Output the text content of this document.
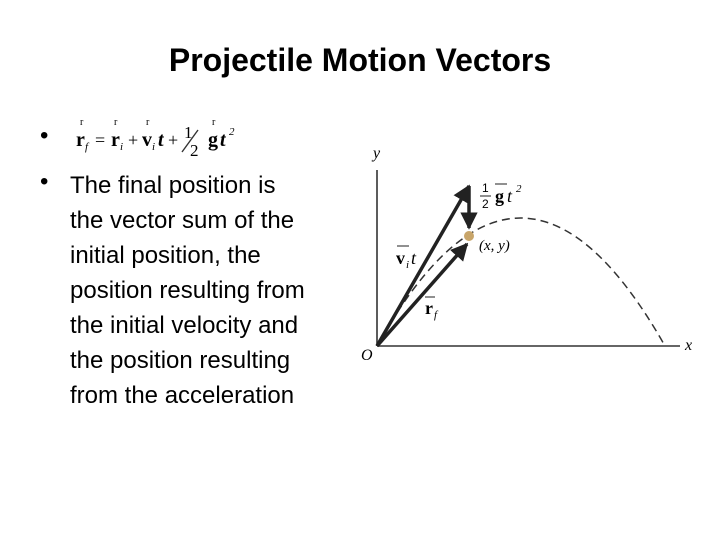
Projectile Motion Vectors
•	r
r f =
r
r i +
r
v i t + 1
2
r
g t 2
• The final position is
the vector sum of the
initial position, the
position resulting from
the initial velocity and
the position resulting
from the acceleration
y
x
O
(x, y)
1
2 g t 2
v i t
r f
